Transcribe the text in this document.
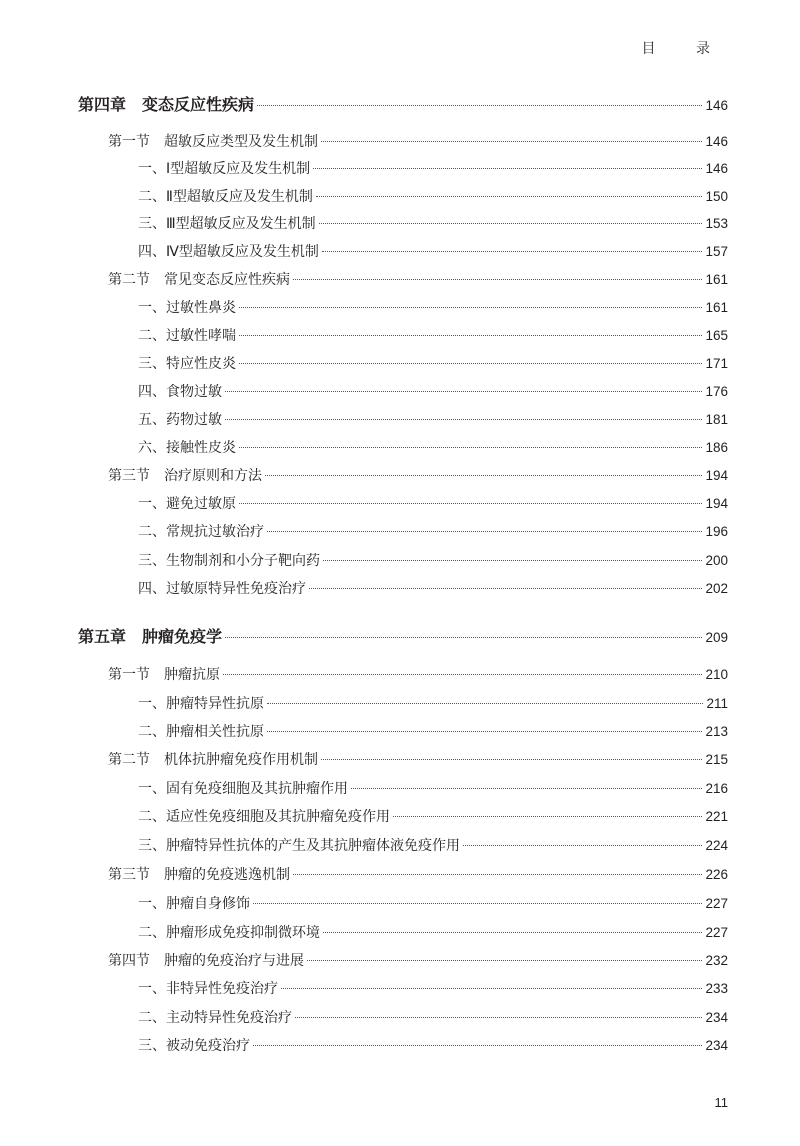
目 录
第四章 变态反应性疾病	146
第一节 超敏反应类型及发生机制	146
一、Ⅰ型超敏反应及发生机制	146
二、Ⅱ型超敏反应及发生机制	150
三、Ⅲ型超敏反应及发生机制	153
四、Ⅳ型超敏反应及发生机制	157
第二节 常见变态反应性疾病	161
一、过敏性鼻炎	161
二、过敏性哮喘	165
三、特应性皮炎	171
四、食物过敏	176
五、药物过敏	181
六、接触性皮炎	186
第三节 治疗原则和方法	194
一、避免过敏原	194
二、常规抗过敏治疗	196
三、生物制剂和小分子靶向药	200
四、过敏原特异性免疫治疗	202
第五章 肿瘤免疫学	209
第一节 肿瘤抗原	210
一、肿瘤特异性抗原	211
二、肿瘤相关性抗原	213
第二节 机体抗肿瘤免疫作用机制	215
一、固有免疫细胞及其抗肿瘤作用	216
二、适应性免疫细胞及其抗肿瘤免疫作用	221
三、肿瘤特异性抗体的产生及其抗肿瘤体液免疫作用	224
第三节 肿瘤的免疫逃逸机制	226
一、肿瘤自身修饰	227
二、肿瘤形成免疫抑制微环境	227
第四节 肿瘤的免疫治疗与进展	232
一、非特异性免疫治疗	233
二、主动特异性免疫治疗	234
三、被动免疫治疗	234
11
